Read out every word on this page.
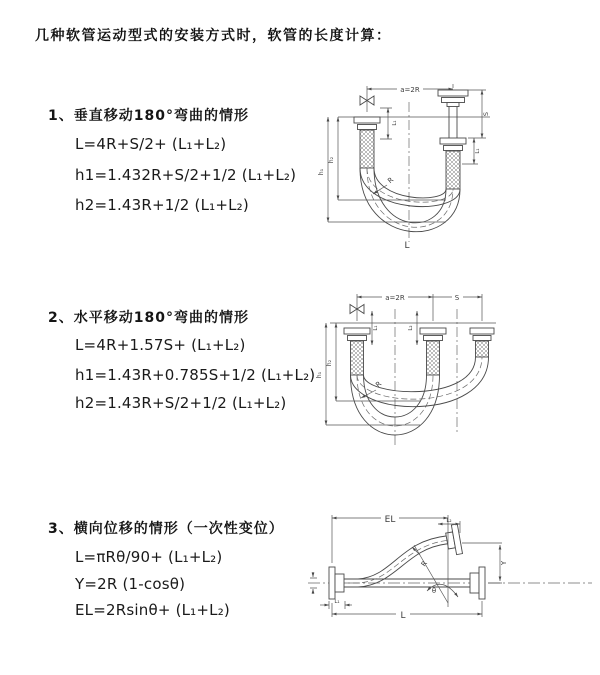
几种软管运动型式的安装方式时，软管的长度计算：
1、垂直移动180°弯曲的情形
L=4R+S/2+ (L₁+L₂)
h1=1.432R+S/2+1/2 (L₁+L₂)
h2=1.43R+1/2 (L₁+L₂)
2、水平移动180°弯曲的情形
L=4R+1.57S+ (L₁+L₂)
h1=1.43R+0.785S+1/2 (L₁+L₂)
h2=1.43R+S/2+1/2 (L₁+L₂)
3、横向位移的情形（一次性变位）
L=πRθ/90+ (L₁+L₂)
Y=2R (1-cosθ)
EL=2Rsinθ+ (L₁+L₂)
a=2R
h₁
h₂
L₁
S
L₁
R
L
a=2R	S
h₁
h₂
L₁	L₂
R
EL	L₂
Y
θ
R
L
L₁
